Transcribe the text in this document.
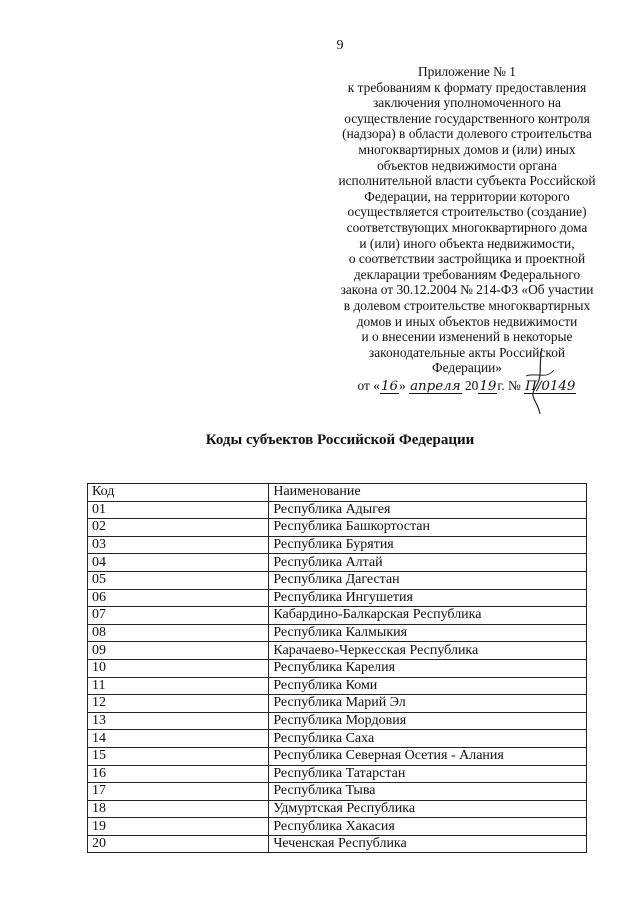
9
Приложение № 1
к требованиям к формату предоставления
заключения уполномоченного на
осуществление государственного контроля
(надзора) в области долевого строительства
многоквартирных домов и (или) иных
объектов недвижимости органа
исполнительной власти субъекта Российской
Федерации, на территории которого
осуществляется строительство (создание)
соответствующих многоквартирного дома
и (или) иного объекта недвижимости,
о соответствии застройщика и проектной
декларации требованиям Федерального
закона от 30.12.2004 № 214-ФЗ «Об участии
в долевом строительстве многоквартирных
домов и иных объектов недвижимости
и о внесении изменений в некоторые
законодательные акты Российской
Федерации»
от «16» апреля 2019г. № П/0149
Коды субъектов Российской Федерации
Код	Наименование
01	Республика Адыгея
02	Республика Башкортостан
03	Республика Бурятия
04	Республика Алтай
05	Республика Дагестан
06	Республика Ингушетия
07	Кабардино-Балкарская Республика
08	Республика Калмыкия
09	Карачаево-Черкесская Республика
10	Республика Карелия
11	Республика Коми
12	Республика Марий Эл
13	Республика Мордовия
14	Республика Саха
15	Республика Северная Осетия - Алания
16	Республика Татарстан
17	Республика Тыва
18	Удмуртская Республика
19	Республика Хакасия
20	Чеченская Республика
